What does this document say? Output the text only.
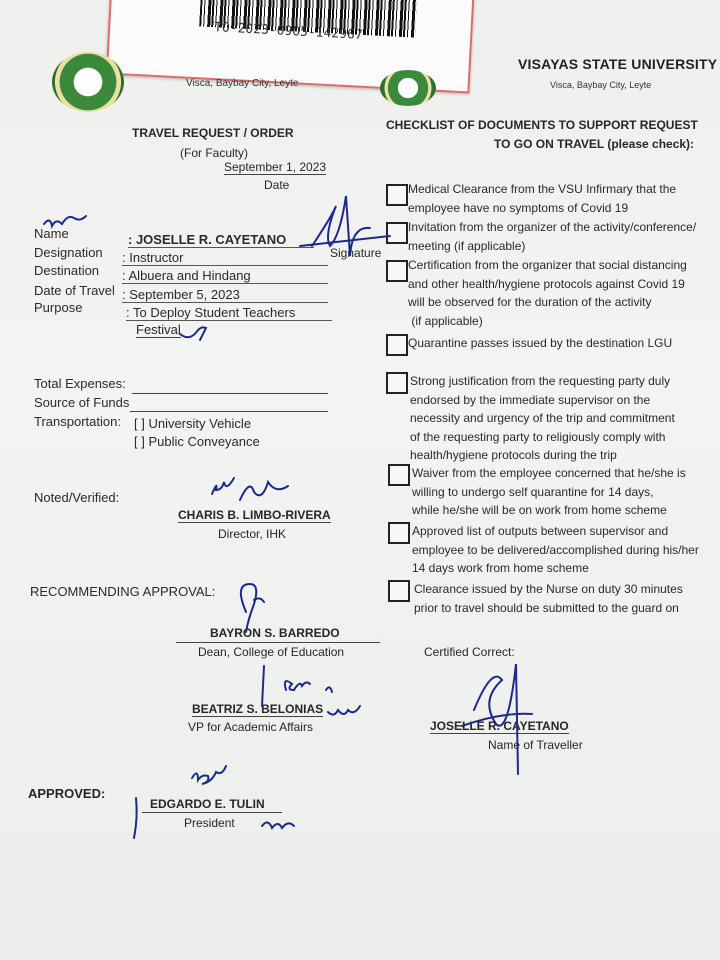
TO-2023-0905-142967
Visca, Baybay City, Leyte
VISAYAS STATE UNIVERSITY
Visca, Baybay City, Leyte
TRAVEL REQUEST / ORDER
(For Faculty)
September 1, 2023
Date
Name	: JOSELLE R. CAYETANO
Designation : Instructor
Destination : Albuera and Hindang
Date of Travel : September 5, 2023
Purpose	: To Deploy Student Teachers
Festival
Signature
Total Expenses:
Source of Funds
Transportation: [ ] University Vehicle
[ ] Public Conveyance
Noted/Verified:
CHARIS B. LIMBO-RIVERA
Director, IHK
RECOMMENDING APPROVAL:
BAYRON S. BARREDO
Dean, College of Education
BEATRIZ S. BELONIAS
VP for Academic Affairs
APPROVED:
EDGARDO E. TULIN
President
CHECKLIST OF DOCUMENTS TO SUPPORT REQUEST
TO GO ON TRAVEL (please check):
Medical Clearance from the VSU Infirmary that the
employee have no symptoms of Covid 19
Invitation from the organizer of the activity/conference/
meeting (if applicable)
Certification from the organizer that social distancing
and other health/hygiene protocols against Covid 19
will be observed for the duration of the activity
(if applicable)
Quarantine passes issued by the destination LGU
Strong justification from the requesting party duly
endorsed by the immediate supervisor on the
necessity and urgency of the trip and commitment
of the requesting party to religiously comply with
health/hygiene protocols during the trip
Waiver from the employee concerned that he/she is
willing to undergo self quarantine for 14 days,
while he/she will be on work from home scheme
Approved list of outputs between supervisor and
employee to be delivered/accomplished during his/her
14 days work from home scheme
Clearance issued by the Nurse on duty 30 minutes
prior to travel should be submitted to the guard on
Certified Correct:
JOSELLE R. CAYETANO
Name of Traveller
